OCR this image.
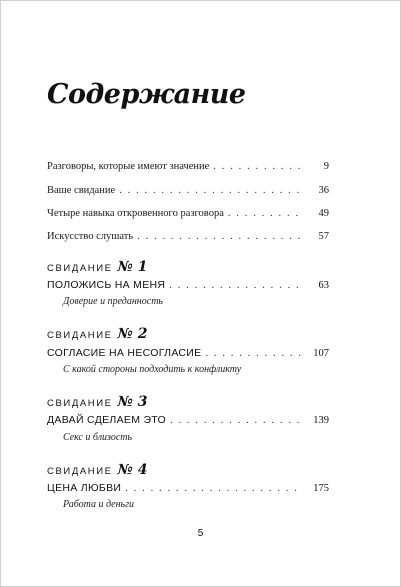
Содержание
Разговоры, которые имеют значение . . .	9
Ваше свидание . . .	36
Четыре навыка откровенного разговора . . .	49
Искусство слушать . . .	57
СВИДАНИЕ № 1
ПОЛОЖИСЬ НА МЕНЯ . . .	63
Доверие и преданность
СВИДАНИЕ № 2
СОГЛАСИЕ НА НЕСОГЛАСИЕ . . .	107
С какой стороны подходить к конфликту
СВИДАНИЕ № 3
ДАВАЙ СДЕЛАЕМ ЭТО . . .	139
Секс и близость
СВИДАНИЕ № 4
ЦЕНА ЛЮБВИ . . .	175
Работа и деньги
5
